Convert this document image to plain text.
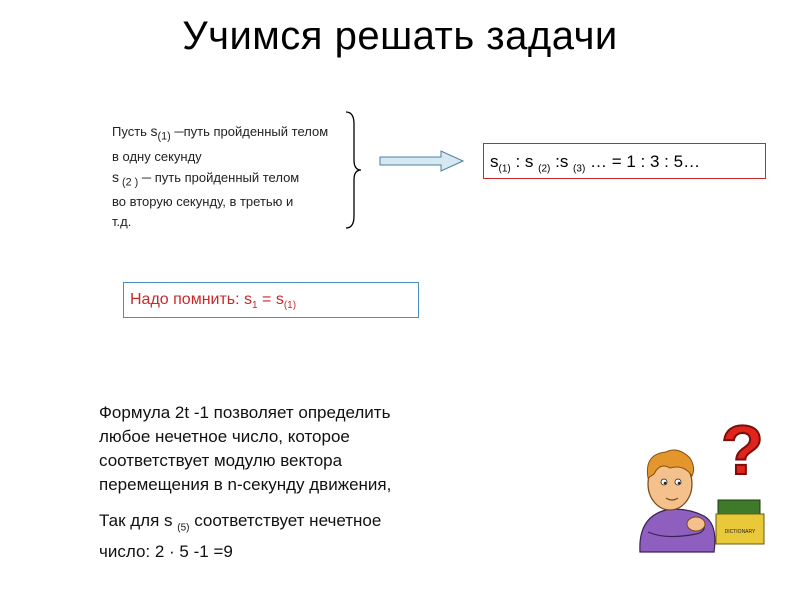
Учимся решать задачи
Пусть $s_{(1)}$ ─путь пройденный телом
в одну секунду
s $_{(2 )}$ ─ путь пройденный телом
во вторую секунду, в третью и
т.д.
$s_{(1)}$ : s $_{(2)}$ :s $_{(3)}$ … = 1 : 3 : 5…
Надо помнить: $s_1 = s_{(1)}$
Формула 2t -1 позволяет определить
любое нечетное число, которое
соответствует модулю вектора
перемещения в n-секунду движения,
Так для s $_{(5)}$ соответствует нечетное
число: 2 · 5 -1 =9
?
DICTIONARY
